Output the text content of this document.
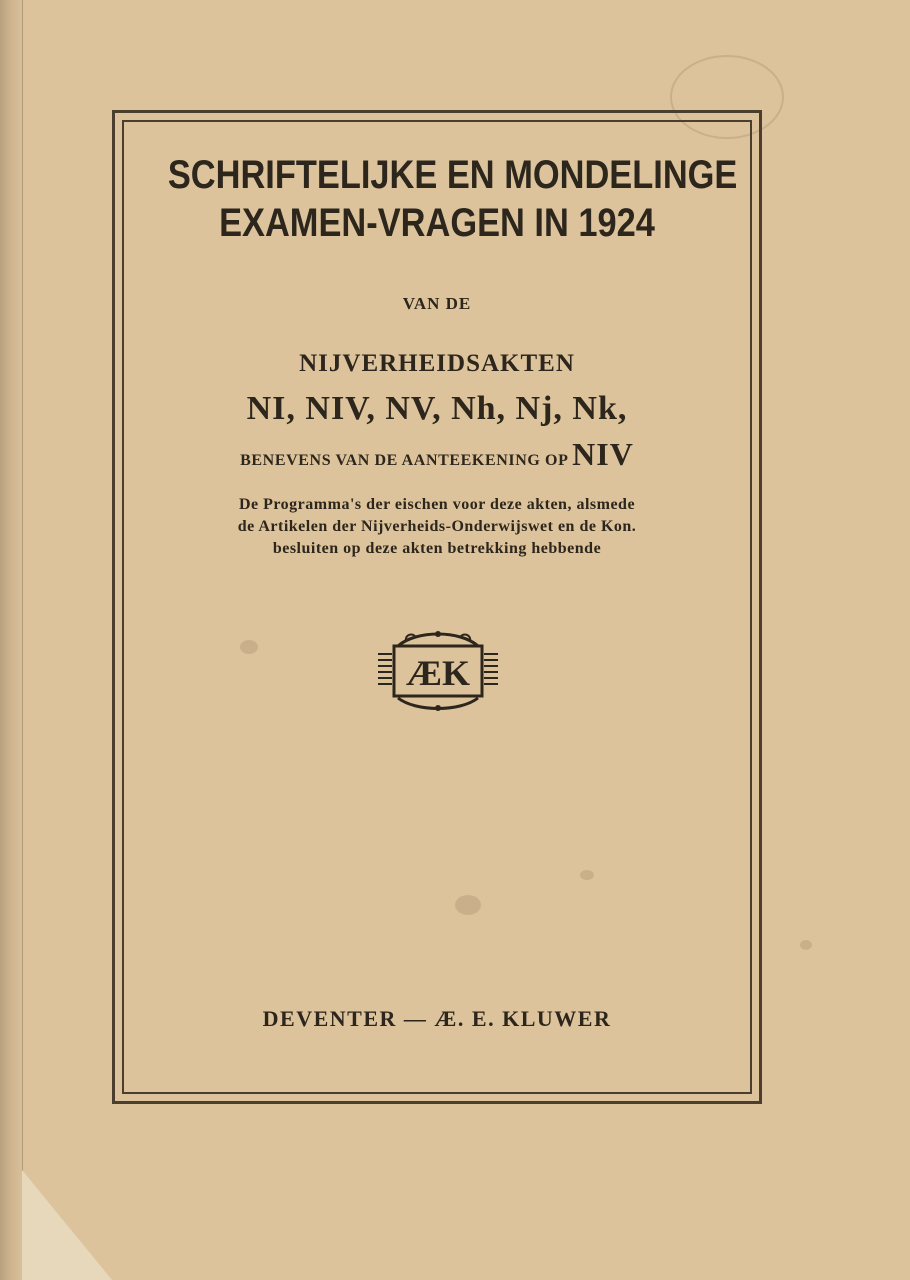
SCHRIFTELIJKE EN MONDELINGE
EXAMEN-VRAGEN IN 1924
VAN DE
NIJVERHEIDSAKTEN
NI, NIV, NV, Nh, Nj, Nk,
BENEVENS VAN DE AANTEEKENING OP NIV
De Programma's der eischen voor deze akten, alsmede
de Artikelen der Nijverheids-Onderwijswet en de Kon.
besluiten op deze akten betrekking hebbende
ÆK
DEVENTER — Æ. E. KLUWER
